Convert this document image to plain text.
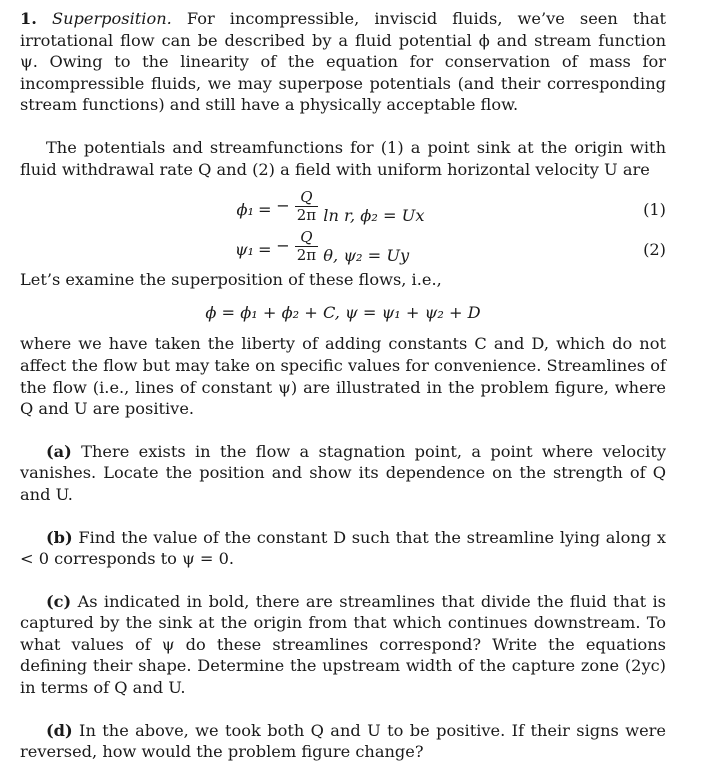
1. Superposition. For incompressible, inviscid fluids, we’ve seen that irrotational flow can be described by a fluid potential ϕ and stream function ψ. Owing to the linearity of the equation for conservation of mass for incompressible fluids, we may superpose potentials (and their corresponding stream functions) and still have a physically acceptable flow.

The potentials and streamfunctions for (1) a point sink at the origin with fluid withdrawal rate Q and (2) a field with uniform horizontal velocity U are

ϕ₁ = − $\frac{Q}{2\pi}$ ln r, ϕ₂ = Ux	(1)
ψ₁ = − $\frac{Q}{2\pi} \theta$, ψ₂ = Uy	(2)

Let’s examine the superposition of these flows, i.e.,

ϕ = ϕ₁ + ϕ₂ + C, ψ = ψ₁ + ψ₂ + D

where we have taken the liberty of adding constants C and D, which do not affect the flow but may take on specific values for convenience. Streamlines of the flow (i.e., lines of constant ψ) are illustrated in the problem figure, where Q and U are positive.

(a) There exists in the flow a stagnation point, a point where velocity vanishes. Locate the position and show its dependence on the strength of Q and U.

(b) Find the value of the constant D such that the streamline lying along x < 0 corresponds to ψ = 0.

(c) As indicated in bold, there are streamlines that divide the fluid that is captured by the sink at the origin from that which continues downstream. To what values of ψ do these streamlines correspond? Write the equations defining their shape. Determine the upstream width of the capture zone (2yc) in terms of Q and U.

(d) In the above, we took both Q and U to be positive. If their signs were reversed, how would the problem figure change?
